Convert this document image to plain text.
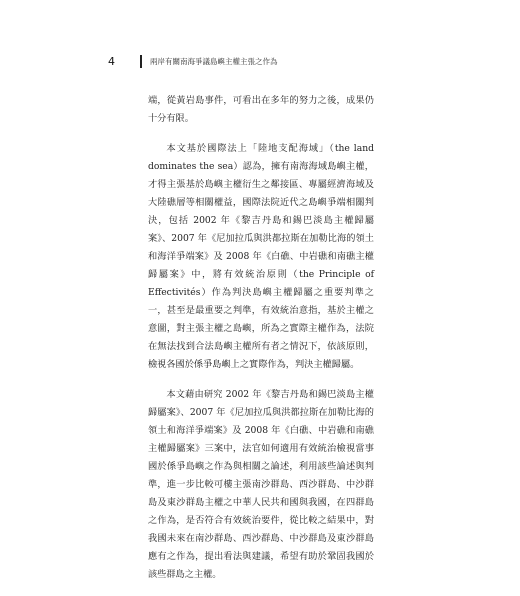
4	兩岸有關南海爭議島嶼主權主張之作為

端，從黃岩島事件，可看出在多年的努力之後，成果仍十分有限。

本文基於國際法上「陸地支配海域」（the land dominates the sea）認為，擁有南海海域島嶼主權，才得主張基於島嶼主權衍生之鄰接區、專屬經濟海域及大陸礁層等相關權益，國際法院近代之島嶼爭端相關判決，包括 2002 年《黎吉丹島和錫巴淡島主權歸屬案》、2007 年《尼加拉瓜與洪都拉斯在加勒比海的領土和海洋爭端案》及 2008 年《白礁、中岩礁和南礁主權歸屬案》中，將有效統治原則（the Principle of Effectivités）作為判決島嶼主權歸屬之重要判準之一，甚至是最重要之判準，有效統治意指，基於主權之意圖，對主張主權之島嶼，所為之實際主權作為，法院在無法找到合法島嶼主權所有者之情況下，依該原則，檢視各國於係爭島嶼上之實際作為，判決主權歸屬。

本文藉由研究 2002 年《黎吉丹島和錫巴淡島主權歸屬案》、2007 年《尼加拉瓜與洪都拉斯在加勒比海的領土和海洋爭端案》及 2008 年《白礁、中岩礁和南礁主權歸屬案》三案中，法官如何適用有效統治檢視當事國於係爭島嶼之作為與相關之論述，利用該些論述與判準，進一步比較可樓主張南沙群島、西沙群島、中沙群島及東沙群島主權之中華人民共和國與我國，在四群島之作為，是否符合有效統治要件，從比較之結果中，對我國未來在南沙群島、西沙群島、中沙群島及東沙群島應有之作為，提出看法與建議，希望有助於鞏固我國於該些群島之主權。
